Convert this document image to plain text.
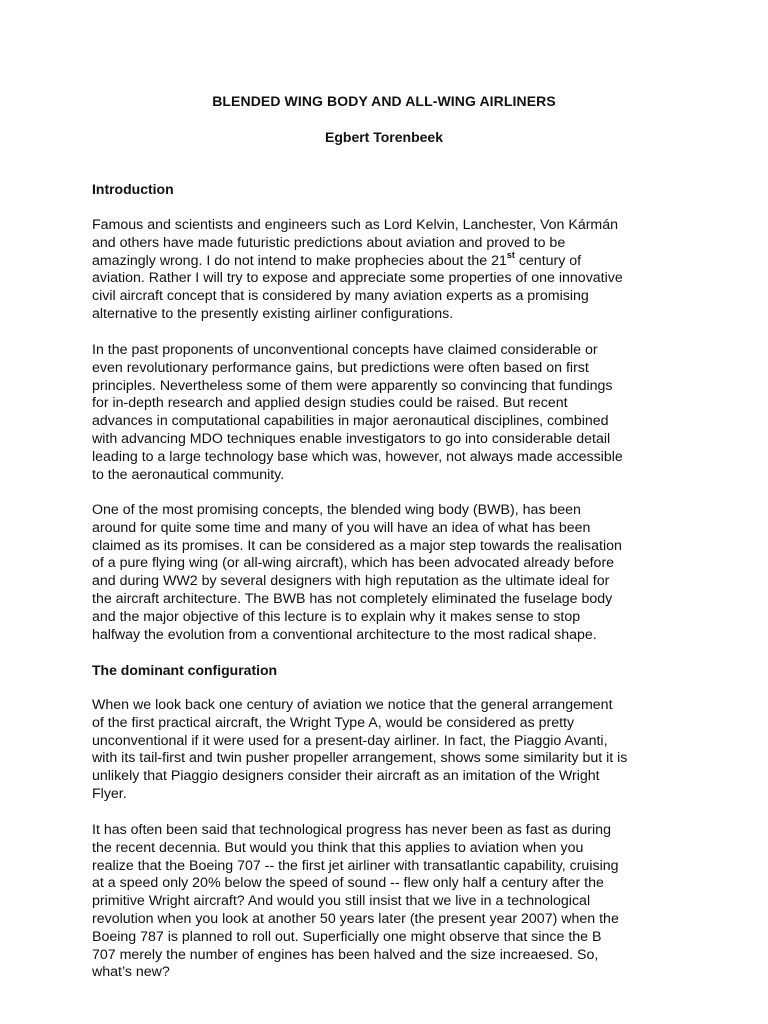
BLENDED WING BODY AND ALL-WING AIRLINERS
Egbert Torenbeek
Introduction
Famous and scientists and engineers such as Lord Kelvin, Lanchester, Von Kármán
and others have made futuristic predictions about aviation and proved to be
amazingly wrong. I do not intend to make prophecies about the 21st century of
aviation. Rather I will try to expose and appreciate some properties of one innovative
civil aircraft concept that is considered by many aviation experts as a promising
alternative to the presently existing airliner configurations.
In the past proponents of unconventional concepts have claimed considerable or
even revolutionary performance gains, but predictions were often based on first
principles. Nevertheless some of them were apparently so convincing that fundings
for in-depth research and applied design studies could be raised. But recent
advances in computational capabilities in major aeronautical disciplines, combined
with advancing MDO techniques enable investigators to go into considerable detail
leading to a large technology base which was, however, not always made accessible
to the aeronautical community.
One of the most promising concepts, the blended wing body (BWB), has been
around for quite some time and many of you will have an idea of what has been
claimed as its promises. It can be considered as a major step towards the realisation
of a pure flying wing (or all-wing aircraft), which has been advocated already before
and during WW2 by several designers with high reputation as the ultimate ideal for
the aircraft architecture. The BWB has not completely eliminated the fuselage body
and the major objective of this lecture is to explain why it makes sense to stop
halfway the evolution from a conventional architecture to the most radical shape.
The dominant configuration
When we look back one century of aviation we notice that the general arrangement
of the first practical aircraft, the Wright Type A, would be considered as pretty
unconventional if it were used for a present-day airliner. In fact, the Piaggio Avanti,
with its tail-first and twin pusher propeller arrangement, shows some similarity but it is
unlikely that Piaggio designers consider their aircraft as an imitation of the Wright
Flyer.
It has often been said that technological progress has never been as fast as during
the recent decennia. But would you think that this applies to aviation when you
realize that the Boeing 707 -- the first jet airliner with transatlantic capability, cruising
at a speed only 20% below the speed of sound -- flew only half a century after the
primitive Wright aircraft? And would you still insist that we live in a technological
revolution when you look at another 50 years later (the present year 2007) when the
Boeing 787 is planned to roll out. Superficially one might observe that since the B
707 merely the number of engines has been halved and the size increaesed. So,
what’s new?
